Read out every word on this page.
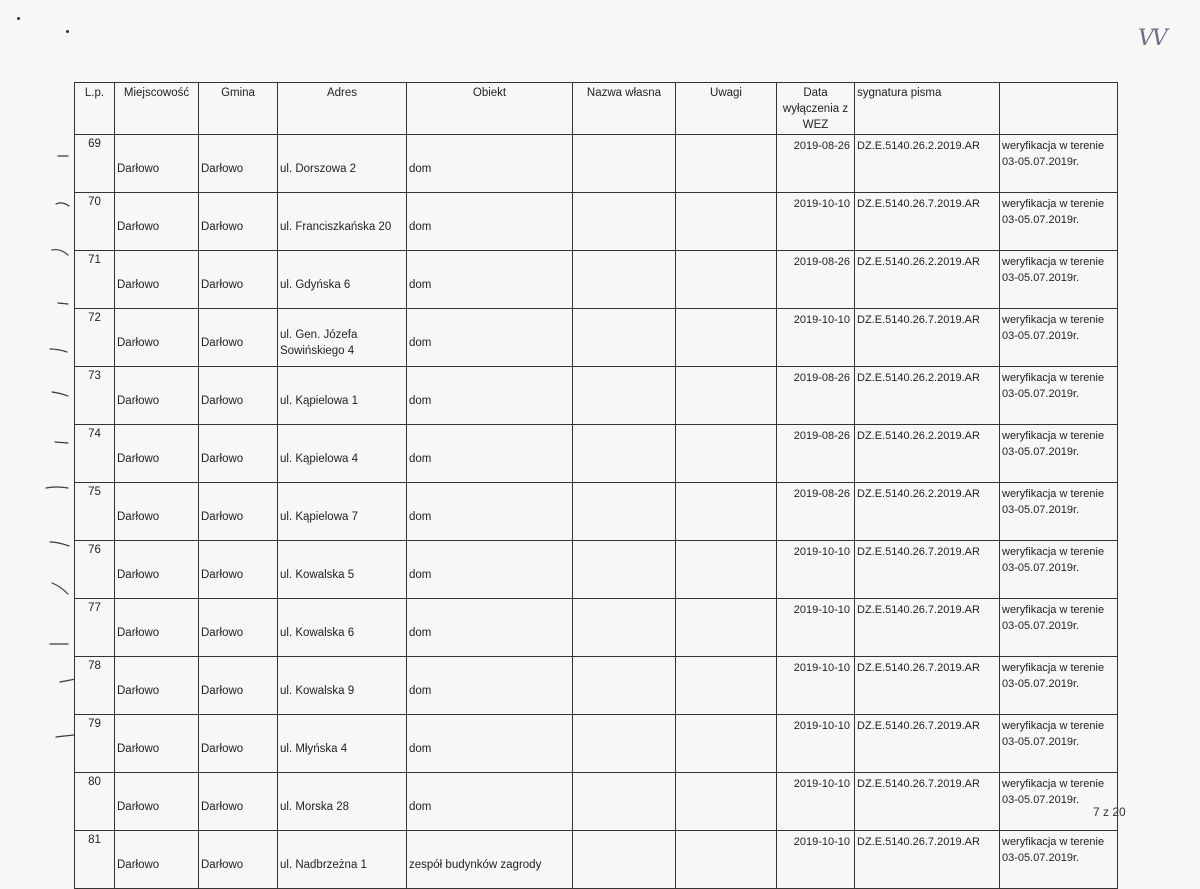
VV
L.p.	Miejscowość	Gmina	Adres	Obiekt	Nazwa własna	Uwagi	Data wyłączenia z WEZ	sygnatura pisma	
69	Darłowo	Darłowo	ul. Dorszowa 2	dom			2019-08-26	DZ.E.5140.26.2.2019.AR	weryfikacja w terenie 03-05.07.2019r.
70	Darłowo	Darłowo	ul. Franciszkańska 20	dom			2019-10-10	DZ.E.5140.26.7.2019.AR	weryfikacja w terenie 03-05.07.2019r.
71	Darłowo	Darłowo	ul. Gdyńska 6	dom			2019-08-26	DZ.E.5140.26.2.2019.AR	weryfikacja w terenie 03-05.07.2019r.
72	Darłowo	Darłowo	ul. Gen. Józefa Sowińskiego 4	dom			2019-10-10	DZ.E.5140.26.7.2019.AR	weryfikacja w terenie 03-05.07.2019r.
73	Darłowo	Darłowo	ul. Kąpielowa 1	dom			2019-08-26	DZ.E.5140.26.2.2019.AR	weryfikacja w terenie 03-05.07.2019r.
74	Darłowo	Darłowo	ul. Kąpielowa 4	dom			2019-08-26	DZ.E.5140.26.2.2019.AR	weryfikacja w terenie 03-05.07.2019r.
75	Darłowo	Darłowo	ul. Kąpielowa 7	dom			2019-08-26	DZ.E.5140.26.2.2019.AR	weryfikacja w terenie 03-05.07.2019r.
76	Darłowo	Darłowo	ul. Kowalska 5	dom			2019-10-10	DZ.E.5140.26.7.2019.AR	weryfikacja w terenie 03-05.07.2019r.
77	Darłowo	Darłowo	ul. Kowalska 6	dom			2019-10-10	DZ.E.5140.26.7.2019.AR	weryfikacja w terenie 03-05.07.2019r.
78	Darłowo	Darłowo	ul. Kowalska 9	dom			2019-10-10	DZ.E.5140.26.7.2019.AR	weryfikacja w terenie 03-05.07.2019r.
79	Darłowo	Darłowo	ul. Młyńska 4	dom			2019-10-10	DZ.E.5140.26.7.2019.AR	weryfikacja w terenie 03-05.07.2019r.
80	Darłowo	Darłowo	ul. Morska 28	dom			2019-10-10	DZ.E.5140.26.7.2019.AR	weryfikacja w terenie 03-05.07.2019r.
81	Darłowo	Darłowo	ul. Nadbrzeżna 1	zespół budynków zagrody			2019-10-10	DZ.E.5140.26.7.2019.AR	weryfikacja w terenie 03-05.07.2019r.
7 z 20
